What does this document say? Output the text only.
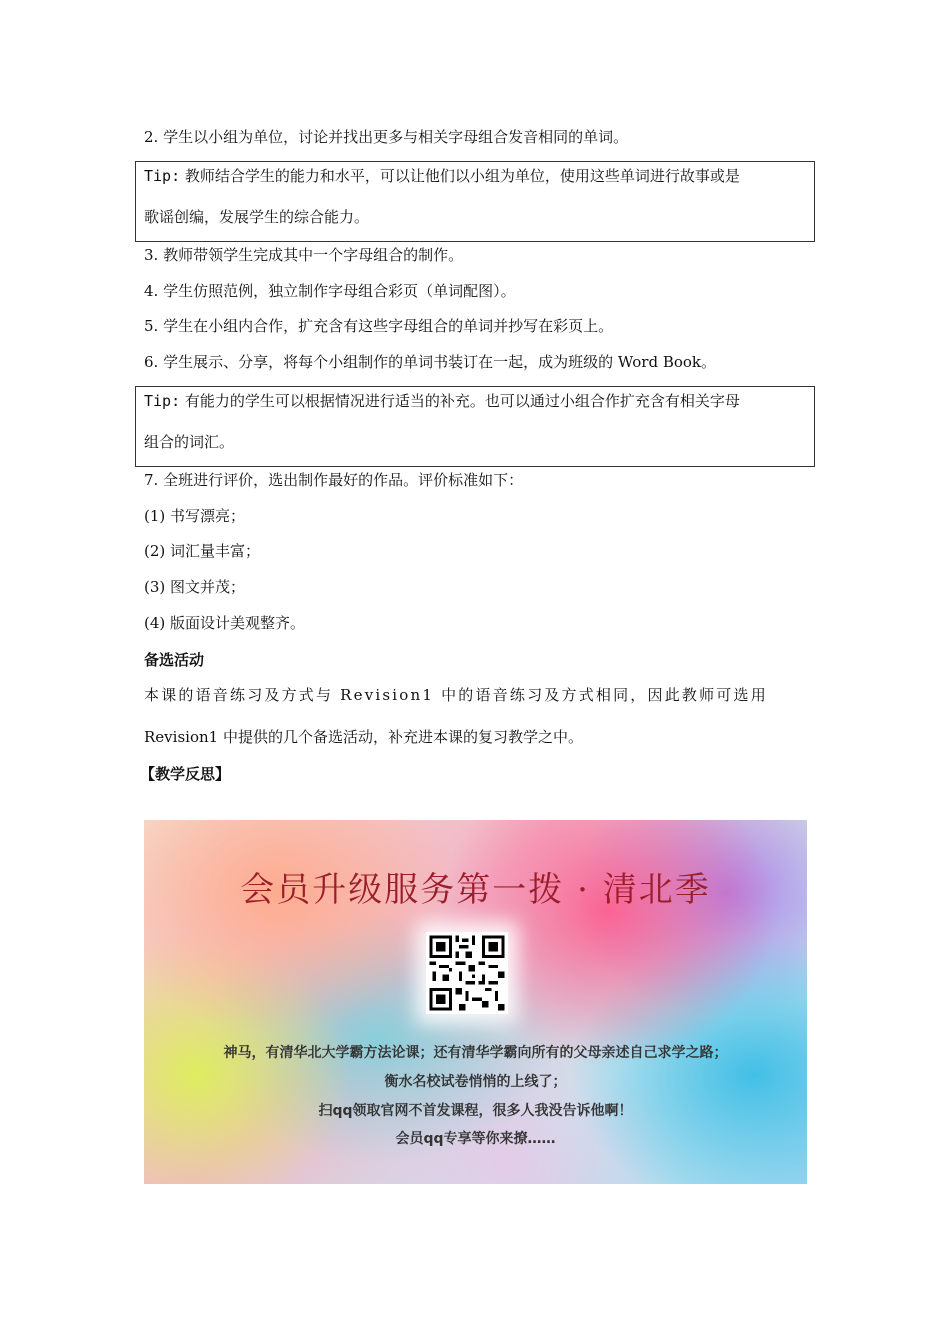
2. 学生以小组为单位，讨论并找出更多与相关字母组合发音相同的单词。
Tip: 教师结合学生的能力和水平，可以让他们以小组为单位，使用这些单词进行故事或是
歌谣创编，发展学生的综合能力。
3. 教师带领学生完成其中一个字母组合的制作。
4. 学生仿照范例，独立制作字母组合彩页（单词配图）。
5. 学生在小组内合作，扩充含有这些字母组合的单词并抄写在彩页上。
6. 学生展示、分享，将每个小组制作的单词书装订在一起，成为班级的 Word Book。
Tip: 有能力的学生可以根据情况进行适当的补充。也可以通过小组合作扩充含有相关字母
组合的词汇。
7. 全班进行评价，选出制作最好的作品。评价标准如下：
(1) 书写漂亮；
(2) 词汇量丰富；
(3) 图文并茂；
(4) 版面设计美观整齐。
备选活动
本课的语音练习及方式与 Revision1 中的语音练习及方式相同，因此教师可选用
Revision1 中提供的几个备选活动，补充进本课的复习教学之中。
【教学反思】
会员升级服务第一拨 · 清北季
神马，有清华北大学霸方法论课；还有清华学霸向所有的父母亲述自己求学之路；
衡水名校试卷悄悄的上线了；
扫qq领取官网不首发课程，很多人我没告诉他啊！
会员qq专享等你来撩……
